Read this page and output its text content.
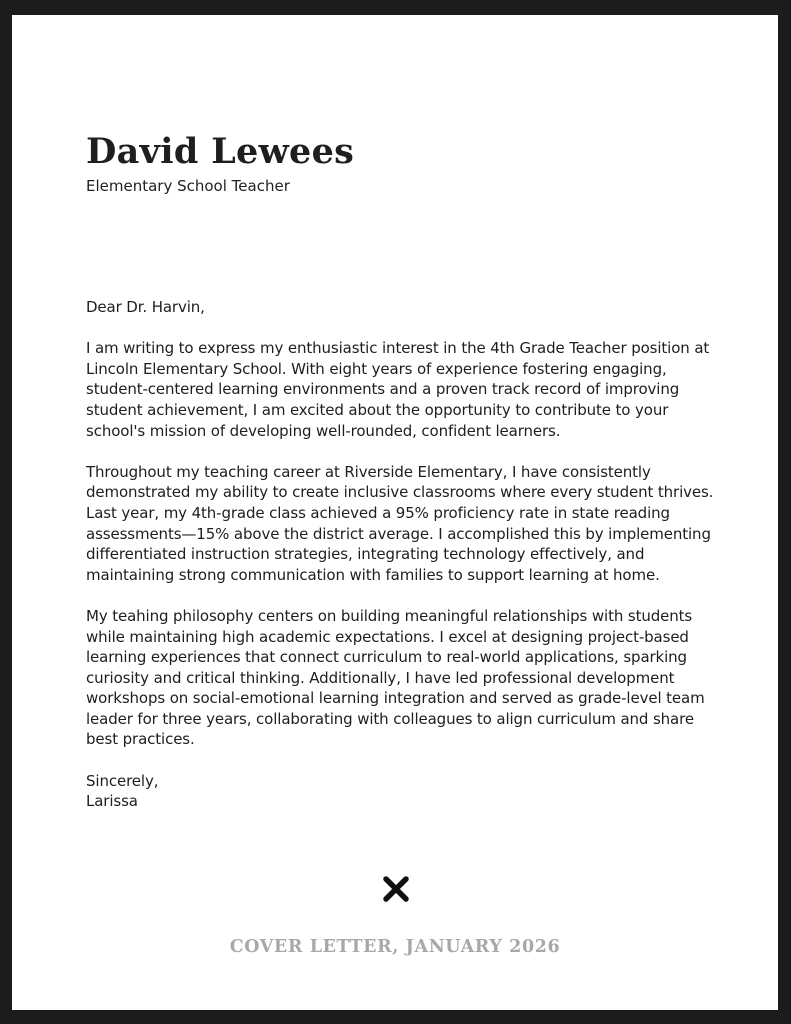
David Lewees
Elementary School Teacher

Dear Dr. Harvin,

I am writing to express my enthusiastic interest in the 4th Grade Teacher position at Lincoln Elementary School. With eight years of experience fostering engaging, student-centered learning environments and a proven track record of improving student achievement, I am excited about the opportunity to contribute to your school's mission of developing well-rounded, confident learners.

Throughout my teaching career at Riverside Elementary, I have consistently demonstrated my ability to create inclusive classrooms where every student thrives. Last year, my 4th-grade class achieved a 95% proficiency rate in state reading assessments—15% above the district average. I accomplished this by implementing differentiated instruction strategies, integrating technology effectively, and maintaining strong communication with families to support learning at home.

My teahing philosophy centers on building meaningful relationships with students while maintaining high academic expectations. I excel at designing project-based learning experiences that connect curriculum to real-world applications, sparking curiosity and critical thinking. Additionally, I have led professional development workshops on social-emotional learning integration and served as grade-level team leader for three years, collaborating with colleagues to align curriculum and share best practices.

Sincerely,
Larissa

COVER LETTER, JANUARY 2026
